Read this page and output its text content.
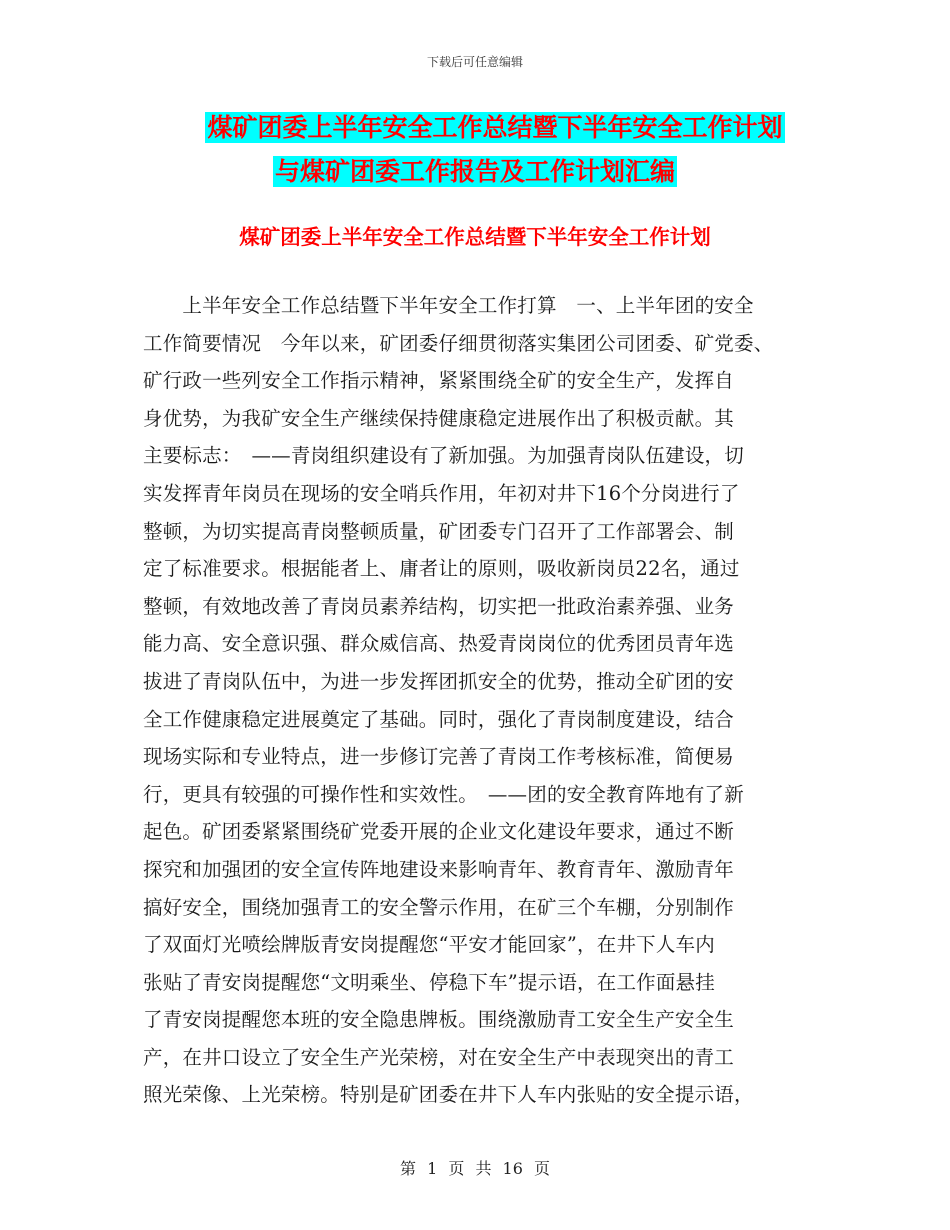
下载后可任意编辑
煤矿团委上半年安全工作总结暨下半年安全工作计划
与煤矿团委工作报告及工作计划汇编
煤矿团委上半年安全工作总结暨下半年安全工作计划
　　上半年安全工作总结暨下半年安全工作打算　一、上半年团的安全
工作简要情况　今年以来，矿团委仔细贯彻落实集团公司团委、矿党委、
矿行政一些列安全工作指示精神，紧紧围绕全矿的安全生产，发挥自
身优势，为我矿安全生产继续保持健康稳定进展作出了积极贡献。其
主要标志：　——青岗组织建设有了新加强。为加强青岗队伍建设，切
实发挥青年岗员在现场的安全哨兵作用，年初对井下16个分岗进行了
整顿，为切实提高青岗整顿质量，矿团委专门召开了工作部署会、制
定了标准要求。根据能者上、庸者让的原则，吸收新岗员22名，通过
整顿，有效地改善了青岗员素养结构，切实把一批政治素养强、业务
能力高、安全意识强、群众威信高、热爱青岗岗位的优秀团员青年选
拔进了青岗队伍中，为进一步发挥团抓安全的优势，推动全矿团的安
全工作健康稳定进展奠定了基础。同时，强化了青岗制度建设，结合
现场实际和专业特点，进一步修订完善了青岗工作考核标准，简便易
行，更具有较强的可操作性和实效性。　——团的安全教育阵地有了新
起色。矿团委紧紧围绕矿党委开展的企业文化建设年要求，通过不断
探究和加强团的安全宣传阵地建设来影响青年、教育青年、激励青年
搞好安全，围绕加强青工的安全警示作用，在矿三个车棚，分别制作
了双面灯光喷绘牌版青安岗提醒您“平安才能回家”，在井下人车内
张贴了青安岗提醒您“文明乘坐、停稳下车”提示语，在工作面悬挂
了青安岗提醒您本班的安全隐患牌板。围绕激励青工安全生产安全生
产，在井口设立了安全生产光荣榜，对在安全生产中表现突出的青工
照光荣像、上光荣榜。特别是矿团委在井下人车内张贴的安全提示语，
第 1 页 共 16 页
